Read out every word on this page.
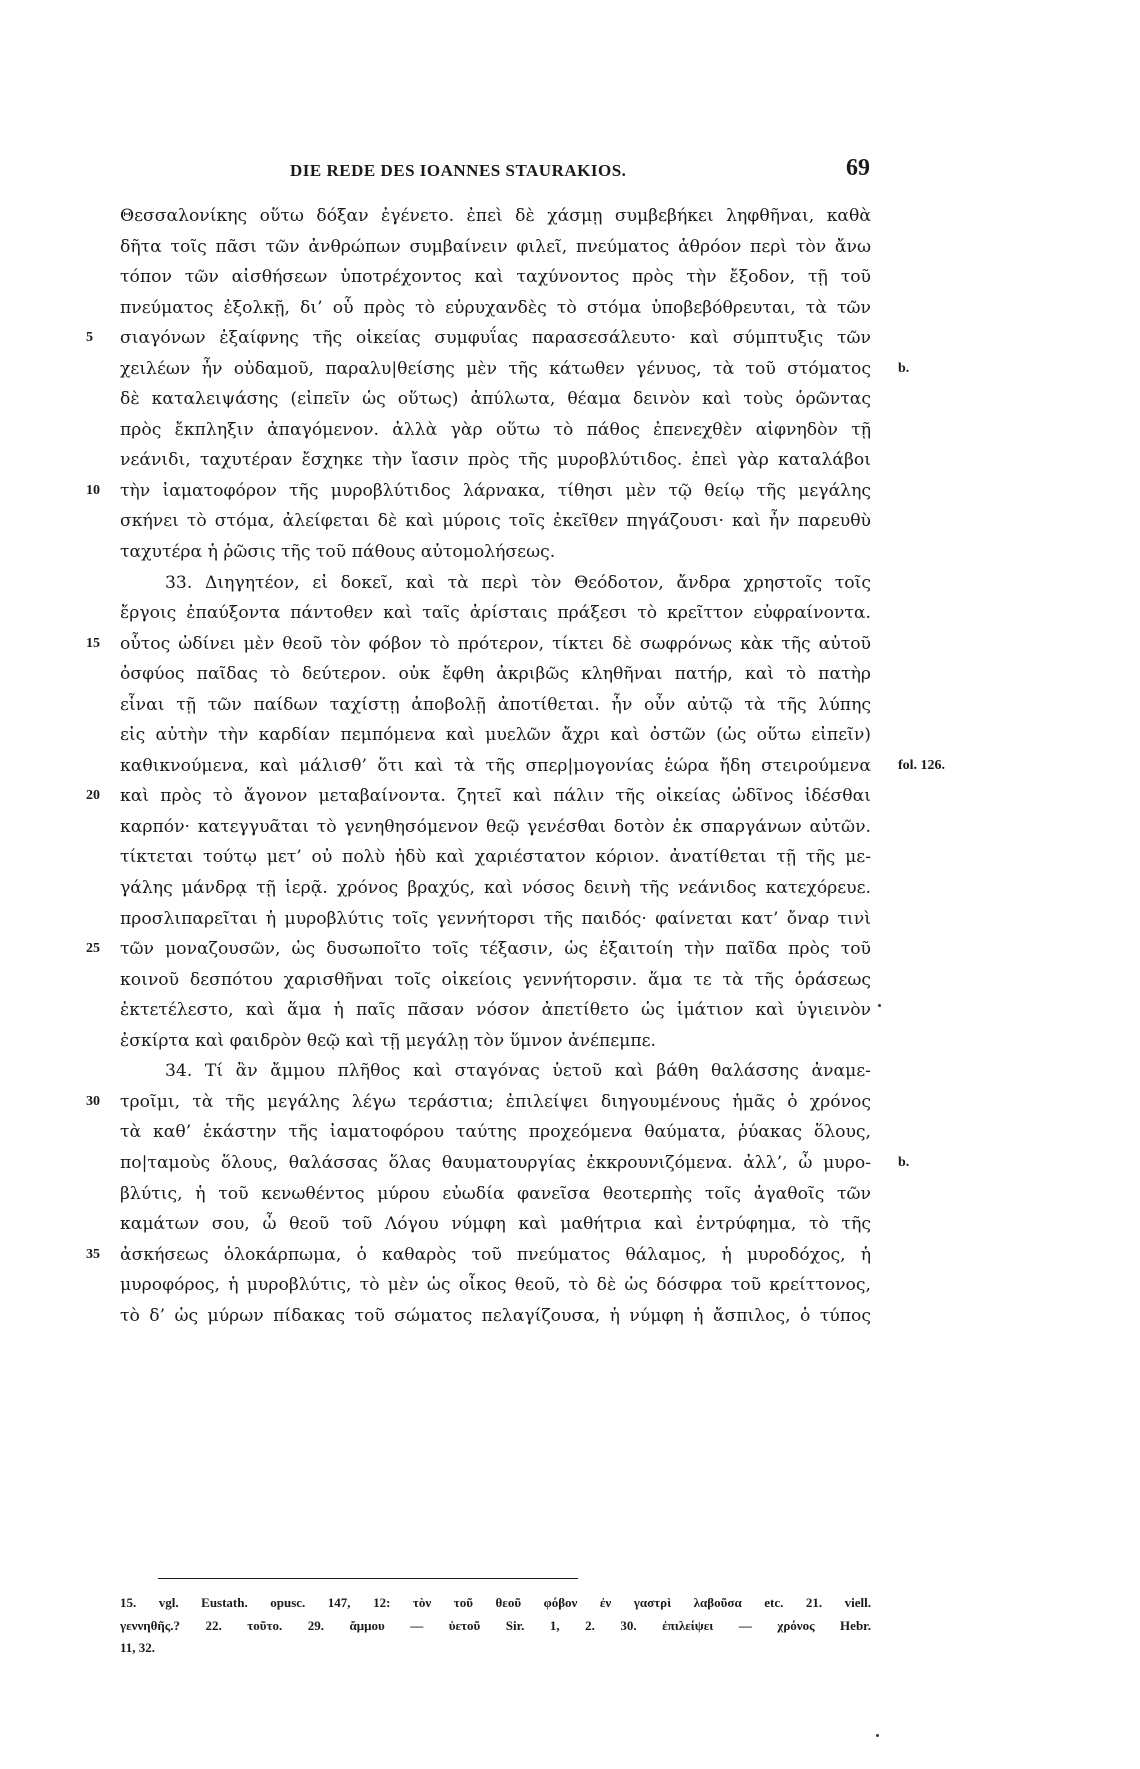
DIE REDE DES IOANNES STAURAKIOS.	69
Θεσσαλονίκης οὕτω δόξαν ἐγένετο. ἐπεὶ δὲ χάσμῃ συμβεβήκει ληφθῆναι, καθὰ
δῆτα τοῖς πᾶσι τῶν ἀνθρώπων συμβαίνειν φιλεῖ, πνεύματος ἀθρόον περὶ τὸν ἄνω
τόπον τῶν αἰσθήσεων ὑποτρέχοντος καὶ ταχύνοντος πρὸς τὴν ἔξοδον, τῇ τοῦ
πνεύματος ἐξολκῇ, δι’ οὗ πρὸς τὸ εὐρυχανδὲς τὸ στόμα ὑποβεβόθρευται, τὰ τῶν
5	σιαγόνων ἐξαίφνης τῆς οἰκείας συμφυΐας παρασεσάλευτο· καὶ σύμπτυξις τῶν
χειλέων ἦν οὐδαμοῦ, παραλυ|θείσης μὲν τῆς κάτωθεν γένυος, τὰ τοῦ στόματος b.
δὲ καταλειψάσης (εἰπεῖν ὡς οὕτως) ἀπύλωτα, θέαμα δεινὸν καὶ τοὺς ὁρῶντας
πρὸς ἔκπληξιν ἀπαγόμενον. ἀλλὰ γὰρ οὕτω τὸ πάθος ἐπενεχθὲν αἰφνηδὸν τῇ
νεάνιδι, ταχυτέραν ἔσχηκε τὴν ἴασιν πρὸς τῆς μυροβλύτιδος. ἐπεὶ γὰρ καταλάβοι
10	τὴν ἰαματοφόρον τῆς μυροβλύτιδος λάρνακα, τίθησι μὲν τῷ θείῳ τῆς μεγάλης
σκήνει τὸ στόμα, ἀλείφεται δὲ καὶ μύροις τοῖς ἐκεῖθεν πηγάζουσι· καὶ ἦν παρευθὺ
ταχυτέρα ἡ ῥῶσις τῆς τοῦ πάθους αὐτομολήσεως.
33. Διηγητέον, εἰ δοκεῖ, καὶ τὰ περὶ τὸν Θεόδοτον, ἄνδρα χρηστοῖς τοῖς
ἔργοις ἐπαύξοντα πάντοθεν καὶ ταῖς ἀρίσταις πράξεσι τὸ κρεῖττον εὐφραίνοντα.
15	οὗτος ὠδίνει μὲν θεοῦ τὸν φόβον τὸ πρότερον, τίκτει δὲ σωφρόνως κὰκ τῆς αὐτοῦ
ὀσφύος παῖδας τὸ δεύτερον. οὐκ ἔφθη ἀκριβῶς κληθῆναι πατήρ, καὶ τὸ πατὴρ
εἶναι τῇ τῶν παίδων ταχίστῃ ἀποβολῇ ἀποτίθεται. ἦν οὖν αὐτῷ τὰ τῆς λύπης
εἰς αὐτὴν τὴν καρδίαν πεμπόμενα καὶ μυελῶν ἄχρι καὶ ὀστῶν (ὡς οὕτω εἰπεῖν)
καθικνούμενα, καὶ μάλισθ’ ὅτι καὶ τὰ τῆς σπερ|μογονίας ἑώρα ἤδη στειρούμενα fol. 126.
20	καὶ πρὸς τὸ ἄγονον μεταβαίνοντα. ζητεῖ καὶ πάλιν τῆς οἰκείας ὠδῖνος ἰδέσθαι
καρπόν· κατεγγυᾶται τὸ γενηθησόμενον θεῷ γενέσθαι δοτὸν ἐκ σπαργάνων αὐτῶν.
τίκτεται τούτῳ μετ’ οὐ πολὺ ἡδὺ καὶ χαριέστατον κόριον. ἀνατίθεται τῇ τῆς με-
γάλης μάνδρᾳ τῇ ἱερᾷ. χρόνος βραχύς, καὶ νόσος δεινὴ τῆς νεάνιδος κατεχόρευε.
προσλιπαρεῖται ἡ μυροβλύτις τοῖς γεννήτορσι τῆς παιδός· φαίνεται κατ’ ὄναρ τινὶ
25	τῶν μοναζουσῶν, ὡς δυσωποῖτο τοῖς τέξασιν, ὡς ἐξαιτοίη τὴν παῖδα πρὸς τοῦ
κοινοῦ δεσπότου χαρισθῆναι τοῖς οἰκείοις γεννήτορσιν. ἅμα τε τὰ τῆς ὁράσεως
ἐκτετέλεστο, καὶ ἅμα ἡ παῖς πᾶσαν νόσον ἀπετίθετο ὡς ἱμάτιον καὶ ὑγιεινὸν
ἐσκίρτα καὶ φαιδρὸν θεῷ καὶ τῇ μεγάλῃ τὸν ὕμνον ἀνέπεμπε.
34. Τί ἂν ἄμμου πλῆθος καὶ σταγόνας ὑετοῦ καὶ βάθη θαλάσσης ἀναμε-
30	τροῖμι, τὰ τῆς μεγάλης λέγω τεράστια; ἐπιλείψει διηγουμένους ἡμᾶς ὁ χρόνος
τὰ καθ’ ἑκάστην τῆς ἰαματοφόρου ταύτης προχεόμενα θαύματα, ῥύακας ὅλους,
πο|ταμοὺς ὅλους, θαλάσσας ὅλας θαυματουργίας ἐκκρουνιζόμενα. ἀλλ’, ὦ μυρο- b.
βλύτις, ἡ τοῦ κενωθέντος μύρου εὐωδία φανεῖσα θεοτερπὴς τοῖς ἀγαθοῖς τῶν
καμάτων σου, ὦ θεοῦ τοῦ Λόγου νύμφη καὶ μαθήτρια καὶ ἐντρύφημα, τὸ τῆς
35	ἀσκήσεως ὁλοκάρπωμα, ὁ καθαρὸς τοῦ πνεύματος θάλαμος, ἡ μυροδόχος, ἡ
μυροφόρος, ἡ μυροβλύτις, τὸ μὲν ὡς οἶκος θεοῦ, τὸ δὲ ὡς δόσφρα τοῦ κρείττονος,
τὸ δ’ ὡς μύρων πίδακας τοῦ σώματος πελαγίζουσα, ἡ νύμφη ἡ ἄσπιλος, ὁ τύπος
15. vgl. Eustath. opusc. 147, 12: τὸν τοῦ θεοῦ φόβον ἐν γαστρὶ λαβοῦσα etc. 21. viell.
γεννηθῆς.? 22. τοῦτο. 29. ἄμμου — ὑετοῦ Sir. 1, 2. 30. ἐπιλείψει — χρόνος Hebr.
11, 32.
